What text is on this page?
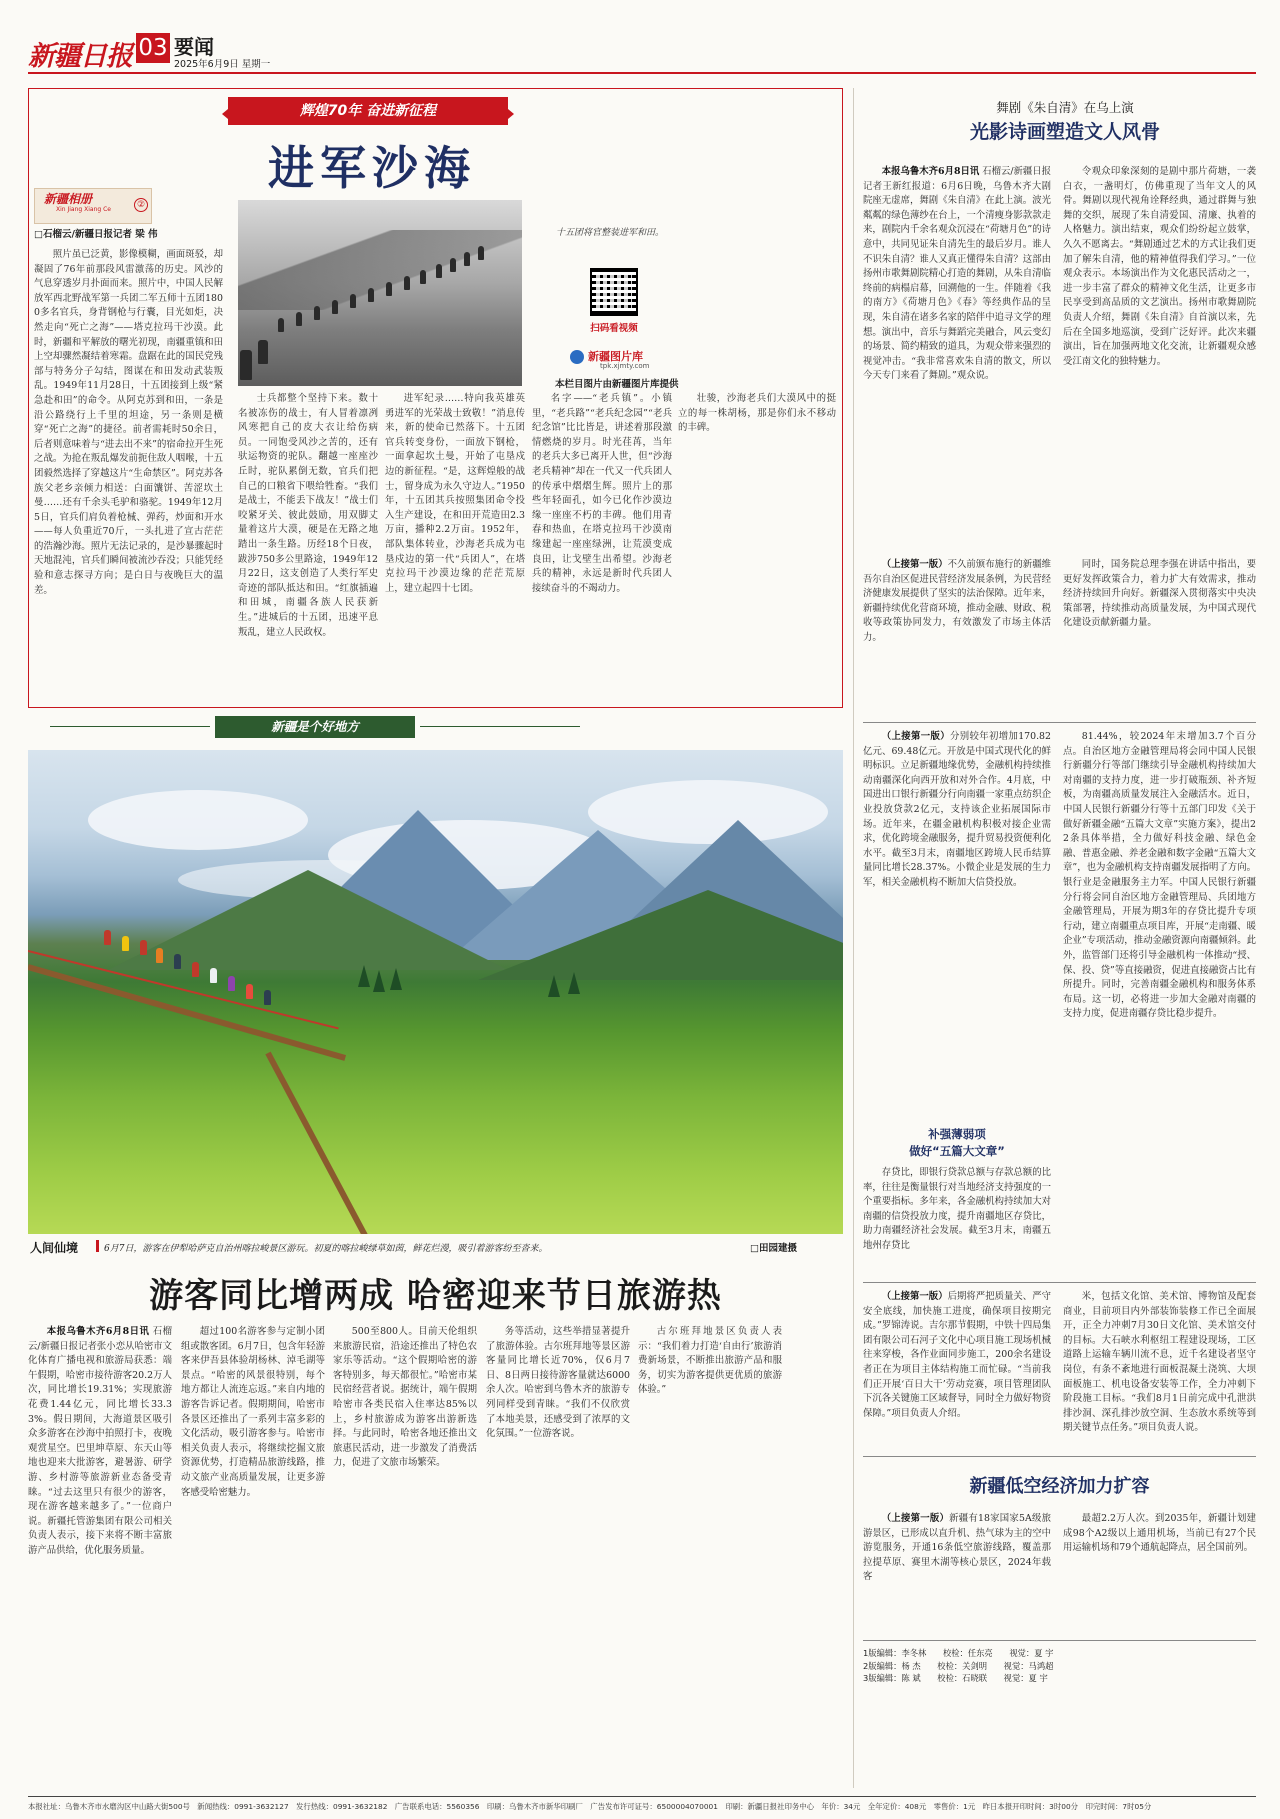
新疆日报 03 要闻
2025年6月9日 星期一
辉煌70年 奋进新征程
进军沙海
新疆相册
Xin Jiang Xiang Ce	②
□石榴云/新疆日报记者 梁 伟	十五团将官整装进军和田。
扫码看视频
新疆图片库
tpk.xjmty.com
本栏目图片由新疆图片库提供

照片虽已泛黄，影像模糊，画面斑驳，却凝固了76年前那段风雷激荡的历史。风沙的气息穿透岁月扑面而来。照片中，中国人民解放军西北野战军第一兵团二军五师十五团1800多名官兵，身背钢枪与行囊，目光如炬，决然走向“死亡之海”——塔克拉玛干沙漠。此时，新疆和平解放的曙光初现，南疆重镇和田上空却骤然凝结着寒霜。盘踞在此的国民党残部与特务分子勾结，图谋在和田发动武装叛乱。1949年11月28日，十五团接到上级“紧急赴和田”的命令。从阿克苏到和田，一条是沿公路绕行上千里的坦途，另一条则是横穿“死亡之海”的捷径。前者需耗时50余日，后者则意味着与“进去出不来”的宿命拉开生死之战。为抢在叛乱爆发前扼住敌人咽喉，十五团毅然选择了穿越这片“生命禁区”。阿克苏各族父老乡亲倾力相送：白面馕饼、苦涩坎土曼……还有千余头毛驴和骆驼。1949年12月5日，官兵们肩负着枪械、弹药，炒面和开水——每人负重近70斤，一头扎进了宣古茫茫的浩瀚沙海。照片无法记录的，是沙暴骤起时天地混沌，官兵们瞬间被流沙吞没；只能凭经验和意志探寻方向；是白日与夜晚巨大的温差。

士兵都整个坚持下来。数十名被冻伤的战士，有人冒着凛冽风寒把自己的皮大衣让给伤病员。一同饱受风沙之苦的，还有驮运物资的驼队。翻越一座座沙丘时，驼队累倒无数，官兵们把自己的口粮省下喂给牲畜。“我们是战士，不能丢下战友！”战士们咬紧牙关、彼此鼓励，用双脚丈量着这片大漠，硬是在无路之地踏出一条生路。历经18个日夜，跋涉750多公里路途，1949年12月22日，这支创造了人类行军史奇迹的部队抵达和田。“红旗插遍和田城，南疆各族人民获新生。”进城后的十五团，迅速平息叛乱，建立人民政权。

进军纪录……特向我英雄英勇进军的光荣战士致敬！”消息传来，新的使命已然落下。十五团官兵转变身份，一面放下钢枪，一面拿起坎土曼，开始了屯垦戍边的新征程。“是，这辉煌般的战士，留身成为永久守边人。”1950年，十五团其兵按照集团命令投入生产建设，在和田开荒造田2.3万亩，播种2.2万亩。1952年，部队集体转业，沙海老兵成为屯垦戍边的第一代“兵团人”，在塔克拉玛干沙漠边缘的茫茫荒原上，建立起四十七团。

名字——“老兵镇”。小镇里，“老兵路”“老兵纪念园”“老兵纪念馆”比比皆是，讲述着那段激情燃烧的岁月。时光荏苒，当年的老兵大多已离开人世，但“沙海老兵精神”却在一代又一代兵团人的传承中熠熠生辉。照片上的那些年轻面孔，如今已化作沙漠边缘一座座不朽的丰碑。他们用青春和热血，在塔克拉玛干沙漠南缘建起一座座绿洲，让荒漠变成良田，让戈壁生出希望。沙海老兵的精神，永远是新时代兵团人接续奋斗的不竭动力。

壮骏，沙海老兵们大漠风中的挺立的每一株胡杨，那是你们永不移动的丰碑。

新疆是个好地方
人间仙境	6月7日，游客在伊犁哈萨克自治州喀拉峻景区游玩。初夏的喀拉峻绿草如茵，鲜花烂漫，吸引着游客纷至沓来。	□田园建摄
游客同比增两成 哈密迎来节日旅游热

本报乌鲁木齐6月8日讯 石榴云/新疆日报记者张小恋从哈密市文化体育广播电视和旅游局获悉：端午假期，哈密市接待游客20.2万人次，同比增长19.31%；实现旅游花费1.44亿元，同比增长33.33%。假日期间，大海道景区吸引众多游客在沙海中拍照打卡，夜晚观赏星空。巴里坤草原、东天山等地也迎来大批游客，避暑游、研学游、乡村游等旅游新业态备受青睐。“过去这里只有很少的游客，现在游客越来越多了。”一位商户说。新疆托管游集团有限公司相关负责人表示，接下来将不断丰富旅游产品供给，优化服务质量。

超过100名游客参与定制小团组或散客团。6月7日，包含年轻游客来伊吾县体验胡杨林、淖毛湖等景点。“哈密的风景很特别，每个地方都让人流连忘返。”来自内地的游客告诉记者。假期期间，哈密市各景区还推出了一系列丰富多彩的文化活动，吸引游客参与。哈密市相关负责人表示，将继续挖掘文旅资源优势，打造精品旅游线路，推动文旅产业高质量发展，让更多游客感受哈密魅力。

500至800人。目前天伦组织来旅游民宿，沿途还推出了特色农家乐等活动。“这个假期哈密的游客特别多，每天都很忙。”哈密市某民宿经营者说。据统计，端午假期哈密市各类民宿入住率达85%以上，乡村旅游成为游客出游新选择。与此同时，哈密各地还推出文旅惠民活动，进一步激发了消费活力，促进了文旅市场繁荣。

务等活动，这些举措显著提升了旅游体验。古尔班拜地等景区游客量同比增长近70%，仅6月7日、8日两日接待游客量就达6000余人次。哈密到乌鲁木齐的旅游专列同样受到青睐。“我们不仅欣赏了本地美景，还感受到了浓厚的文化氛围。”一位游客说。

古尔班拜地景区负责人表示：“我们着力打造‘自由行’旅游消费新场景，不断推出旅游产品和服务，切实为游客提供更优质的旅游体验。”

舞剧《朱自清》在乌上演
光影诗画塑造文人风骨

本报乌鲁木齐6月8日讯 石榴云/新疆日报记者王新红报道：6月6日晚，乌鲁木齐大剧院座无虚席，舞剧《朱自清》在此上演。波光粼粼的绿色薄纱在台上，一个清瘦身影款款走来，剧院内千余名观众沉浸在“荷塘月色”的诗意中，共同见证朱自清先生的最后岁月。谁人不识朱自清？谁人又真正懂得朱自清？这部由扬州市歌舞剧院精心打造的舞剧，从朱自清临终前的病榻启幕，回溯他的一生。伴随着《我的南方》《荷塘月色》《春》等经典作品的呈现，朱自清在诸多名家的陪伴中追寻文学的理想。演出中，音乐与舞蹈完美融合，风云变幻的场景、简约精致的道具，为观众带来强烈的视觉冲击。“我非常喜欢朱自清的散文，所以今天专门来看了舞剧。”观众说。

令观众印象深刻的是剧中那片荷塘，一袭白衣，一盏明灯，仿佛重现了当年文人的风骨。舞剧以现代视角诠释经典，通过群舞与独舞的交织，展现了朱自清爱国、清廉、执着的人格魅力。演出结束，观众们纷纷起立鼓掌，久久不愿离去。“舞剧通过艺术的方式让我们更加了解朱自清，他的精神值得我们学习。”一位观众表示。本场演出作为文化惠民活动之一，进一步丰富了群众的精神文化生活，让更多市民享受到高品质的文艺演出。扬州市歌舞剧院负责人介绍，舞剧《朱自清》自首演以来，先后在全国多地巡演，受到广泛好评。此次来疆演出，旨在加强两地文化交流，让新疆观众感受江南文化的独特魅力。

（上接第一版）不久前颁布施行的新疆维吾尔自治区促进民营经济发展条例，为民营经济健康发展提供了坚实的法治保障。近年来，新疆持续优化营商环境，推动金融、财政、税收等政策协同发力，有效激发了市场主体活力。

同时，国务院总理李强在讲话中指出，要更好发挥政策合力，着力扩大有效需求，推动经济持续回升向好。新疆深入贯彻落实中央决策部署，持续推动高质量发展，为中国式现代化建设贡献新疆力量。

（上接第一版）分别较年初增加170.82亿元、69.48亿元。开放是中国式现代化的鲜明标识。立足新疆地缘优势，金融机构持续推动南疆深化向西开放和对外合作。4月底，中国进出口银行新疆分行向南疆一家重点纺织企业投放贷款2亿元，支持该企业拓展国际市场。近年来，在疆金融机构积极对接企业需求，优化跨境金融服务，提升贸易投资便利化水平。截至3月末，南疆地区跨境人民币结算量同比增长28.37%。小微企业是发展的生力军，相关金融机构不断加大信贷投放。

补强薄弱项
做好“五篇大文章”

存贷比，即银行贷款总额与存款总额的比率，往往是衡量银行对当地经济支持强度的一个重要指标。多年来，各金融机构持续加大对南疆的信贷投放力度，提升南疆地区存贷比，助力南疆经济社会发展。截至3月末，南疆五地州存贷比

81.44%，较2024年末增加3.7个百分点。自治区地方金融管理局将会同中国人民银行新疆分行等部门继续引导金融机构持续加大对南疆的支持力度，进一步打破瓶颈、补齐短板，为南疆高质量发展注入金融活水。近日，中国人民银行新疆分行等十五部门印发《关于做好新疆金融“五篇大文章”实施方案》，提出22条具体举措，全力做好科技金融、绿色金融、普惠金融、养老金融和数字金融“五篇大文章”，也为金融机构支持南疆发展指明了方向。银行业是金融服务主力军。中国人民银行新疆分行将会同自治区地方金融管理局、兵团地方金融管理局，开展为期3年的存贷比提升专项行动，建立南疆重点项目库，开展“走南疆、暖企业”专项活动，推动金融资源向南疆倾斜。此外，监管部门还将引导金融机构一体推动“授、保、投、贷”等直接融资，促进直接融资占比有所提升。同时，完善南疆金融机构和服务体系布局。这一切，必将进一步加大金融对南疆的支持力度，促进南疆存贷比稳步提升。

（上接第一版）后期将严把质量关、严守安全底线，加快施工进度，确保项目按期完成。”罗锦涛说。吉尔那节假期，中铁十四局集团有限公司石河子文化中心项目施工现场机械往来穿梭，各作业面同步施工，200余名建设者正在为项目主体结构施工而忙碌。“当前我们正开展‘百日大干’劳动竞赛，项目管理团队下沉各关键施工区域督导，同时全力做好物资保障。”项目负责人介绍。

米，包括文化馆、美术馆、博物馆及配套商业，目前项目内外部装饰装修工作已全面展开，正全力冲刺7月30日文化馆、美术馆交付的目标。大石峡水利枢纽工程建设现场，工区道路上运输车辆川流不息，近千名建设者坚守岗位，有条不紊地进行面板混凝土浇筑、大坝面板施工、机电设备安装等工作，全力冲刺下阶段施工目标。“我们8月1日前完成中孔泄洪排沙洞、深孔排沙放空洞、生态放水系统等到期关键节点任务。”项目负责人说。

新疆低空经济加力扩容

（上接第一版）新疆有18家国家5A级旅游景区，已形成以直升机、热气球为主的空中游览服务，开通16条低空旅游线路，覆盖那拉提草原、赛里木湖等核心景区，2024年载客

最超2.2万人次。到2035年，新疆计划建成98个A2级以上通用机场，当前已有27个民用运输机场和79个通航起降点，居全国前列。

1版编辑：李冬林　　校检：任东亮　　视觉：夏 宇
2版编辑：杨 杰　　校检：关剑明　　视觉：马鸿超
3版编辑：陈 斌　　校检：石晓联　　视觉：夏 宇
本报社址：乌鲁木齐市水磨沟区中山路大街500号　新闻热线：0991-3632127　发行热线：0991-3632182　广告联系电话：5560356　印刷：乌鲁木齐市新华印刷厂　广告发布许可证号：6500004070001　印刷：新疆日报社印务中心　年价：34元　全年定价：408元　零售价：1元　昨日本报开印时间：3时00分　印完时间：7时05分
